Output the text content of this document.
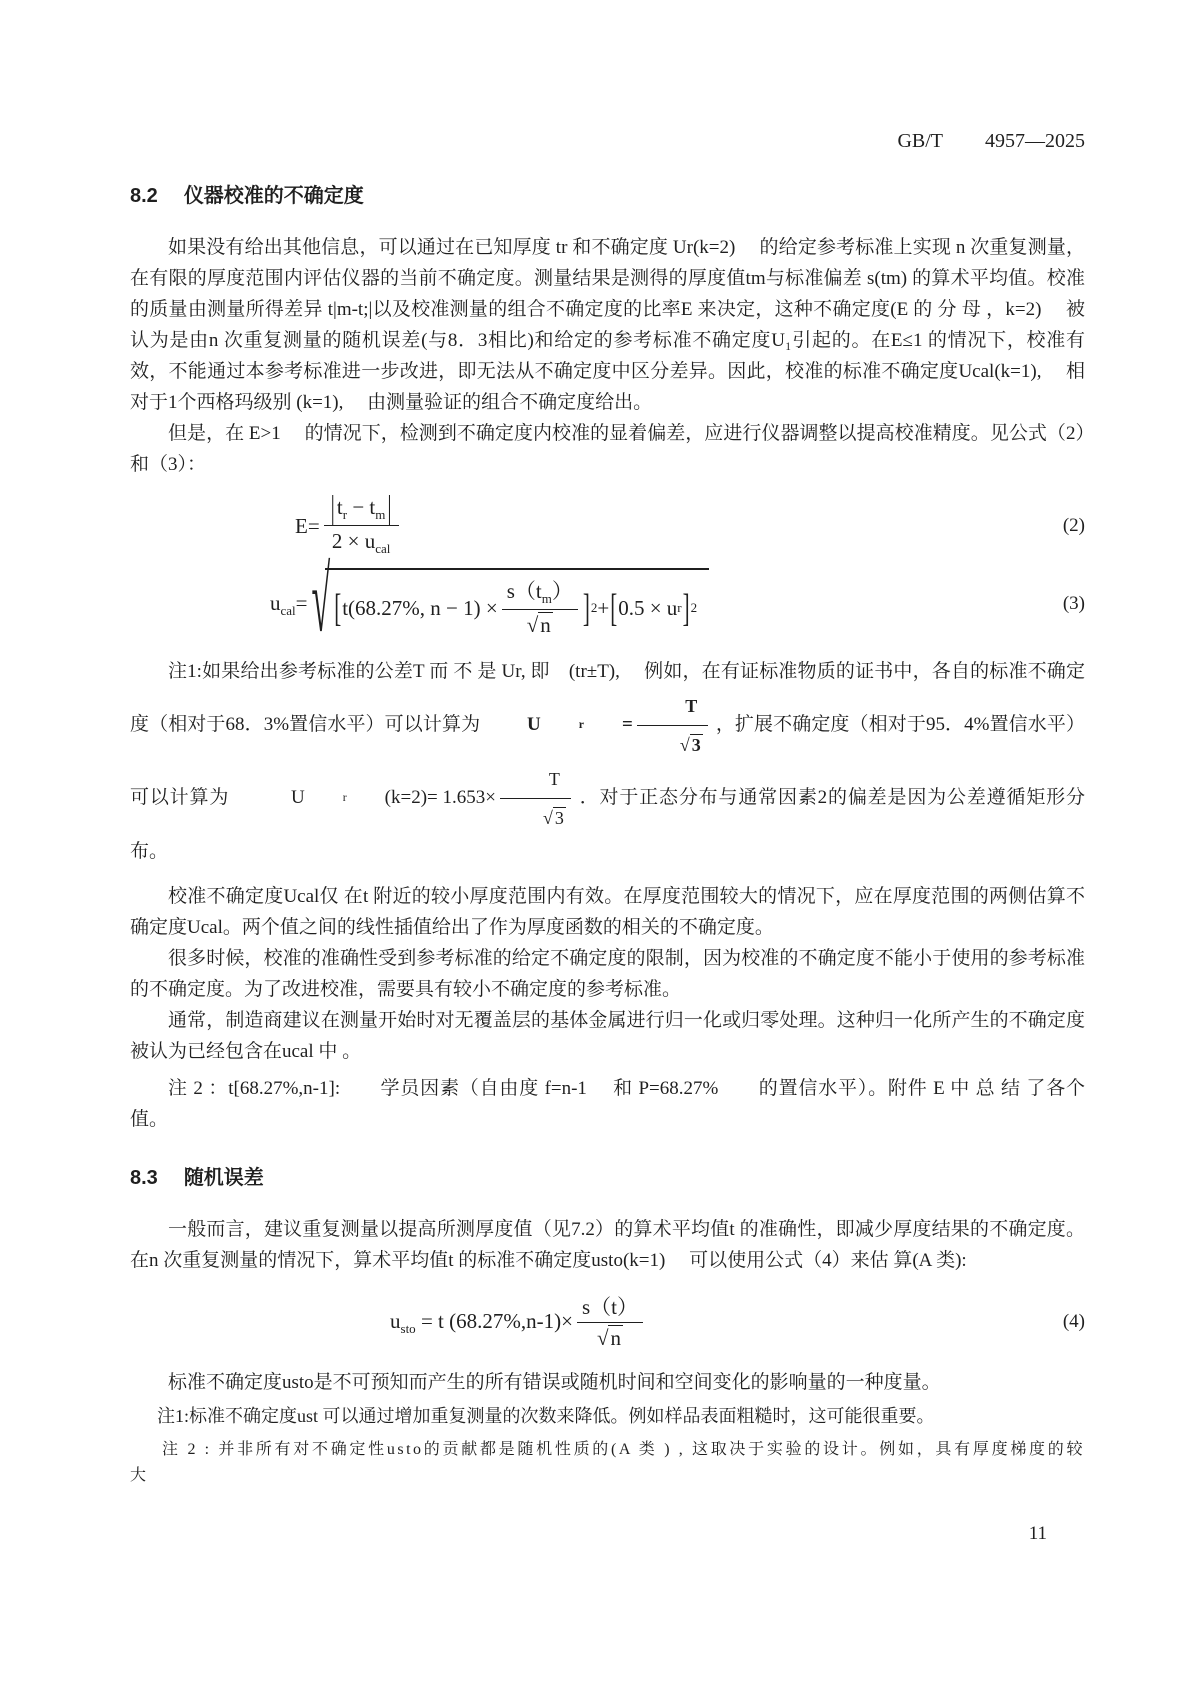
GB/T 4957—2025
8.2 仪器校准的不确定度

如果没有给出其他信息，可以通过在已知厚度 tr 和不确定度 Ur(k=2)　 的给定参考标准上实现 n 次重复测量，在有限的厚度范围内评估仪器的当前不确定度。测量结果是测得的厚度值tm与标准偏差 s(tm) 的算术平均值。校准的质量由测量所得差异 t|m-t;|以及校准测量的组合不确定度的比率E 来决定，这种不确定度(E 的 分 母 ，k=2)　 被认为是由n 次重复测量的随机误差(与8．3相比)和给定的参考标准不确定度U₁引起的。在E≤1 的情况下，校准有效，不能通过本参考标准进一步改进，即无法从不确定度中区分差异。因此，校准的标准不确定度Ucal(k=1),　 相对于1个西格玛级别 (k=1),　 由测量验证的组合不确定度给出。

但是，在 E>1　 的情况下，检测到不确定度内校准的显着偏差，应进行仪器调整以提高校准精度。见公式（2）和（3）：

$E= \frac{|t_r - t_m|}{2 \times u_{cal}}$	(2)
$u_{cal}=$ √ [ t(68.27%, $n - 1) \times \frac{s(t_m)}{√n}$ ] 2 + [ 0.5 × u r ] 2	(3)

注1:如果给出参考标准的公差T 而 不 是 Ur, 即　(tr±T),　 例如，在有证标准物质的证书中，各自的标准不确定度（相对于68．3%置信水平）可以计算为	U	r	= $\frac{T}{√ 3}$ ，扩展不确定度（相对于95．4%置信水平）可以计算为　	U	r	$(k=2)= 1.653\times \frac{T}{√ 3}$ ．对于正态分布与通常因素2的偏差是因为公差遵循矩形分布。

校准不确定度Ucal仅 在t 附近的较小厚度范围内有效。在厚度范围较大的情况下，应在厚度范围的两侧估算不确定度Ucal。两个值之间的线性插值给出了作为厚度函数的相关的不确定度。

很多时候，校准的准确性受到参考标准的给定不确定度的限制，因为校准的不确定度不能小于使用的参考标准的不确定度。为了改进校准，需要具有较小不确定度的参考标准。

通常，制造商建议在测量开始时对无覆盖层的基体金属进行归一化或归零处理。这种归一化所产生的不确定度被认为已经包含在ucal 中 。

注 2 ：t[68.27%,n-1]:　　学员因素（自由度 f=n-1　 和 P=68.27%　　的置信水平）。附件 E 中 总 结 了各个值。

8.3 随机误差

一般而言，建议重复测量以提高所测厚度值（见7.2）的算术平均值t 的准确性，即减少厚度结果的不确定度。在n 次重复测量的情况下，算术平均值t 的标准不确定度usto(k=1)　 可以使用公式（4）来估 算(A 类):

$u_{sto} = t$ $(68.27\%,n-1)\times \frac{s(t)}{√n}$	(4)

标准不确定度usto是不可预知而产生的所有错误或随机时间和空间变化的影响量的一种度量。

注1:标准不确定度ust 可以通过增加重复测量的次数来降低。例如样品表面粗糙时，这可能很重要。

注 2 : 并非所有对不确定性usto的贡献都是随机性质的(A 类 ) , 这取决于实验的设计。例如，具有厚度梯度的较大

11
